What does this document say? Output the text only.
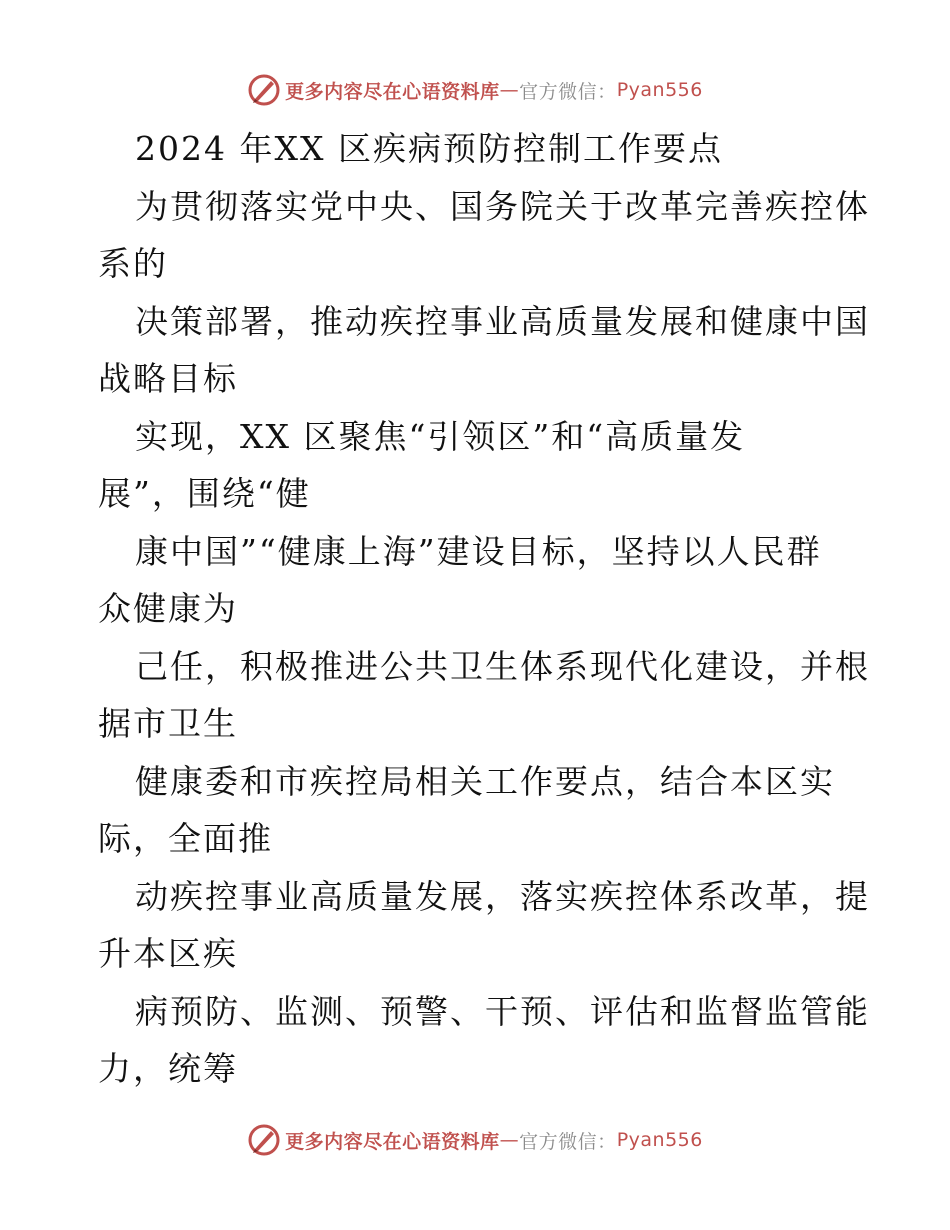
更多内容尽在心语资料库 — 官方微信： Pyan556
2024 年XX 区疾病预防控制工作要点
为贯彻落实党中央、国务院关于改革完善疾控体
系的
决策部署，推动疾控事业高质量发展和健康中国
战略目标
实现，XX 区聚焦“引领区”和“高质量发
展”，围绕“健
康中国”“健康上海”建设目标，坚持以人民群
众健康为
己任，积极推进公共卫生体系现代化建设，并根
据市卫生
健康委和市疾控局相关工作要点，结合本区实
际，全面推
动疾控事业高质量发展，落实疾控体系改革，提
升本区疾
病预防、监测、预警、干预、评估和监督监管能
力，统筹
更多内容尽在心语资料库 — 官方微信： Pyan556
